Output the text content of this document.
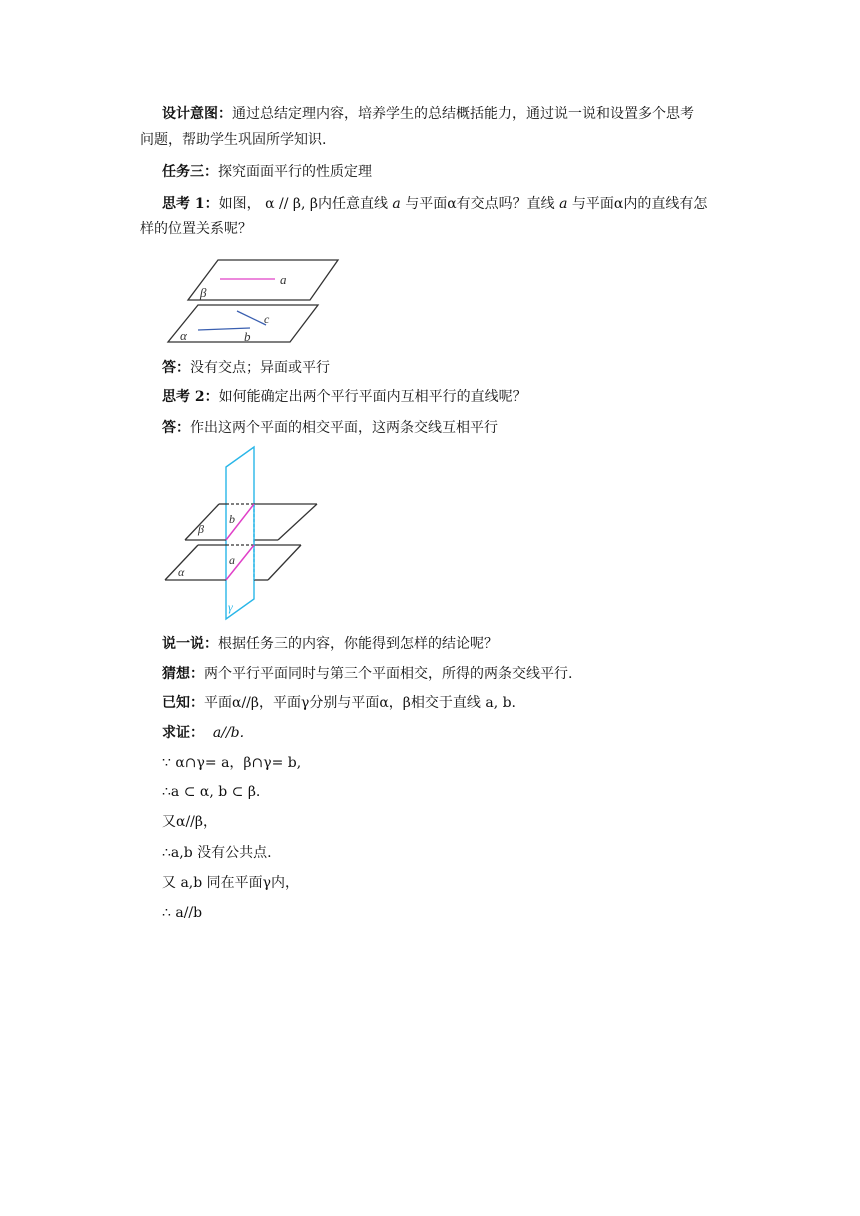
设计意图：通过总结定理内容，培养学生的总结概括能力，通过说一说和设置多个思考
问题，帮助学生巩固所学知识.
任务三：探究面面平行的性质定理
思考 1：如图， α // β, β内任意直线 a 与平面α有交点吗？直线 a 与平面α内的直线有怎
样的位置关系呢？
a
β
c
α	b
答：没有交点；异面或平行
思考 2：如何能确定出两个平行平面内互相平行的直线呢？
答：作出这两个平面的相交平面，这两条交线互相平行
β
b
a
α
γ
说一说：根据任务三的内容，你能得到怎样的结论呢？
猜想：两个平行平面同时与第三个平面相交，所得的两条交线平行.
已知：平面α//β，平面γ分别与平面α，β相交于直线 a, b.
求证： a//b.
∵ α∩γ= a，β∩γ= b,
∴a ⊂ α, b ⊂ β.
又α//β，
∴a,b 没有公共点.
又 a,b 同在平面γ内，
∴ a//b
